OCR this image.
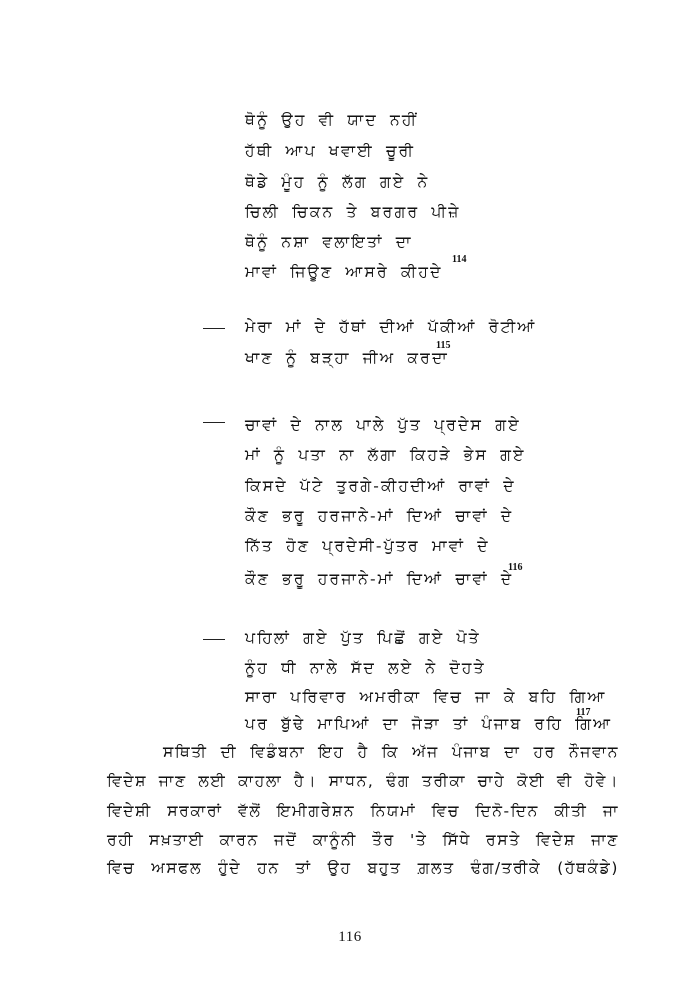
ਥੋਨੂੰ ਉਹ ਵੀ ਯਾਦ ਨਹੀਂ
ਹੱਥੀ ਆਪ ਖਵਾਈ ਚੂਰੀ
ਥੋਡੇ ਮੂੰਹ ਨੂੰ ਲੱਗ ਗਏ ਨੇ
ਚਿਲੀ ਚਿਕਨ ਤੇ ਬਰਗਰ ਪੀਜ਼ੇ
ਥੋਨੂੰ ਨਸ਼ਾ ਵਲਾਇਤਾਂ ਦਾ
ਮਾਵਾਂ ਜਿਊਣ ਆਸਰੇ ਕੀਹਦੇ
114
ਮੇਰਾ ਮਾਂ ਦੇ ਹੱਥਾਂ ਦੀਆਂ ਪੱਕੀਆਂ ਰੋਟੀਆਂ
ਖਾਣ ਨੂੰ ਬੜ੍ਹਾ ਜੀਅ ਕਰਦਾ
115
ਚਾਵਾਂ ਦੇ ਨਾਲ ਪਾਲੇ ਪੁੱਤ ਪ੍ਰਦੇਸ ਗਏ
ਮਾਂ ਨੂੰ ਪਤਾ ਨਾ ਲੱਗਾ ਕਿਹੜੇ ਭੇਸ ਗਏ
ਕਿਸਦੇ ਪੱਟੇ ਤੁਰਗੇ-ਕੀਹਦੀਆਂ ਰਾਵਾਂ ਦੇ
ਕੌਣ ਭਰੂ ਹਰਜਾਨੇ-ਮਾਂ ਦਿਆਂ ਚਾਵਾਂ ਦੇ
ਨਿੱਤ ਹੋਣ ਪ੍ਰਦੇਸੀ-ਪੁੱਤਰ ਮਾਵਾਂ ਦੇ
ਕੌਣ ਭਰੂ ਹਰਜਾਨੇ-ਮਾਂ ਦਿਆਂ ਚਾਵਾਂ ਦੇ
116
ਪਹਿਲਾਂ ਗਏ ਪੁੱਤ ਪਿਛੋਂ ਗਏ ਪੋਤੇ
ਨੂੰਹ ਧੀ ਨਾਲੇ ਸੱਦ ਲਏ ਨੇ ਦੋਹਤੇ
ਸਾਰਾ ਪਰਿਵਾਰ ਅਮਰੀਕਾ ਵਿਚ ਜਾ ਕੇ ਬਹਿ ਗਿਆ
ਪਰ ਬੁੱਢੇ ਮਾਪਿਆਂ ਦਾ ਜੋੜਾ ਤਾਂ ਪੰਜਾਬ ਰਹਿ ਗਿਆ
117
ਸਥਿਤੀ ਦੀ ਵਿਡੰਬਨਾ ਇਹ ਹੈ ਕਿ ਅੱਜ ਪੰਜਾਬ ਦਾ ਹਰ ਨੌਜਵਾਨ
ਵਿਦੇਸ਼ ਜਾਣ ਲਈ ਕਾਹਲਾ ਹੈ। ਸਾਧਨ, ਢੰਗ ਤਰੀਕਾ ਚਾਹੇ ਕੋਈ ਵੀ ਹੋਵੇ।
ਵਿਦੇਸ਼ੀ ਸਰਕਾਰਾਂ ਵੱਲੋਂ ਇਮੀਗਰੇਸ਼ਨ ਨਿਯਮਾਂ ਵਿਚ ਦਿਨੋ-ਦਿਨ ਕੀਤੀ ਜਾ
ਰਹੀ ਸਖ਼ਤਾਈ ਕਾਰਨ ਜਦੋਂ ਕਾਨੂੰਨੀ ਤੌਰ 'ਤੇ ਸਿੱਧੇ ਰਸਤੇ ਵਿਦੇਸ਼ ਜਾਣ
ਵਿਚ ਅਸਫਲ ਹੁੰਦੇ ਹਨ ਤਾਂ ਉਹ ਬਹੁਤ ਗ਼ਲਤ ਢੰਗ/ਤਰੀਕੇ (ਹੱਥਕੰਡੇ)
116
